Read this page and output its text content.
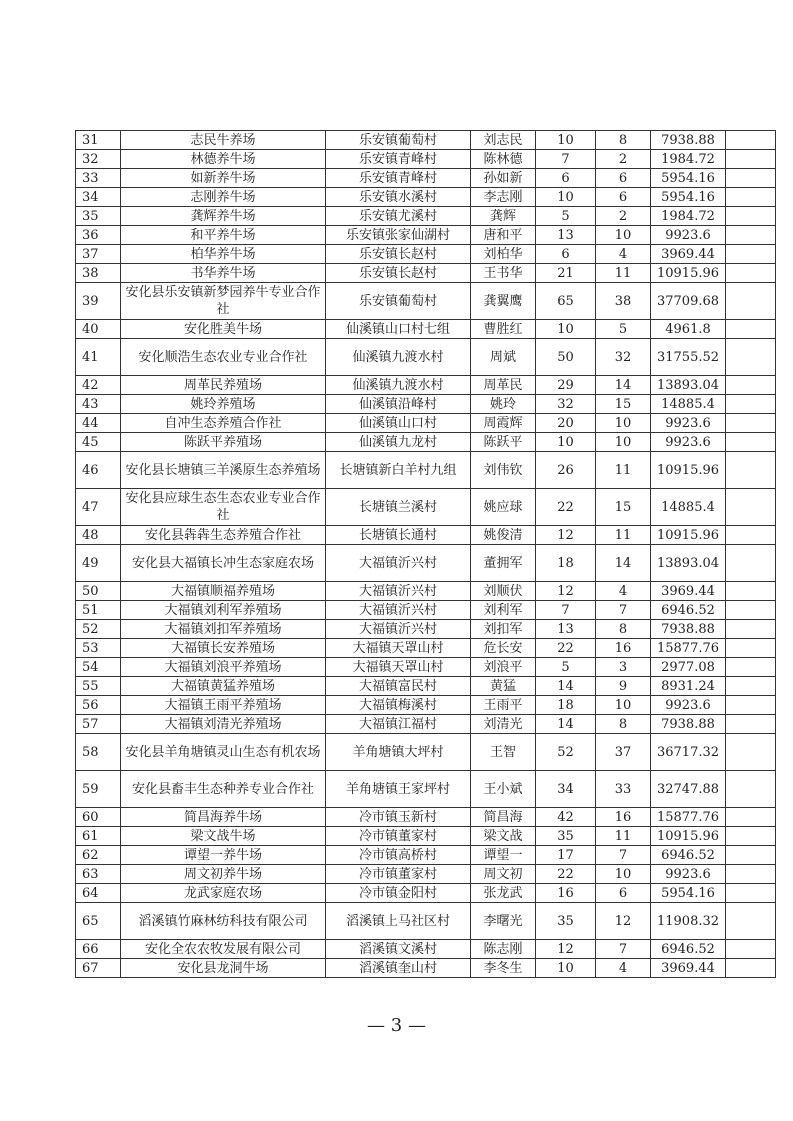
31	志民牛养场	乐安镇葡萄村	刘志民	10	8	7938.88	
32	林德养牛场	乐安镇青峰村	陈林德	7	2	1984.72	
33	如新养牛场	乐安镇青峰村	孙如新	6	6	5954.16	
34	志刚养牛场	乐安镇水溪村	李志刚	10	6	5954.16	
35	龚辉养牛场	乐安镇尤溪村	龚辉	5	2	1984.72	
36	和平养牛场	乐安镇张家仙湖村	唐和平	13	10	9923.6	
37	柏华养牛场	乐安镇长赵村	刘柏华	6	4	3969.44	
38	书华养牛场	乐安镇长赵村	王书华	21	11	10915.96	
39	安化县乐安镇新梦园养牛专业合作社	乐安镇葡萄村	龚翼鹰	65	38	37709.68	
40	安化胜美牛场	仙溪镇山口村七组	曹胜红	10	5	4961.8	
41	安化顺浩生态农业专业合作社	仙溪镇九渡水村	周斌	50	32	31755.52	
42	周革民养殖场	仙溪镇九渡水村	周革民	29	14	13893.04	
43	姚玲养殖场	仙溪镇沿峰村	姚玲	32	15	14885.4	
44	自冲生态养殖合作社	仙溪镇山口村	周霞辉	20	10	9923.6	
45	陈跃平养殖场	仙溪镇九龙村	陈跃平	10	10	9923.6	
46	安化县长塘镇三羊溪原生态养殖场	长塘镇新白羊村九组	刘伟钦	26	11	10915.96	
47	安化县应球生态生态农业专业合作社	长塘镇兰溪村	姚应球	22	15	14885.4	
48	安化县犇犇生态养殖合作社	长塘镇长通村	姚俊清	12	11	10915.96	
49	安化县大福镇长冲生态家庭农场	大福镇沂兴村	董拥军	18	14	13893.04	
50	大福镇顺福养殖场	大福镇沂兴村	刘顺伏	12	4	3969.44	
51	大福镇刘利军养殖场	大福镇沂兴村	刘利军	7	7	6946.52	
52	大福镇刘扣军养殖场	大福镇沂兴村	刘扣军	13	8	7938.88	
53	大福镇长安养殖场	大福镇天罩山村	危长安	22	16	15877.76	
54	大福镇刘浪平养殖场	大福镇天罩山村	刘浪平	5	3	2977.08	
55	大福镇黄猛养殖场	大福镇富民村	黄猛	14	9	8931.24	
56	大福镇王雨平养殖场	大福镇梅溪村	王雨平	18	10	9923.6	
57	大福镇刘清光养殖场	大福镇江福村	刘清光	14	8	7938.88	
58	安化县羊角塘镇灵山生态有机农场	羊角塘镇大坪村	王智	52	37	36717.32	
59	安化县畜丰生态种养专业合作社	羊角塘镇王家坪村	王小斌	34	33	32747.88	
60	简昌海养牛场	冷市镇玉新村	简昌海	42	16	15877.76	
61	梁文战牛场	冷市镇董家村	梁文战	35	11	10915.96	
62	谭望一养牛场	冷市镇高桥村	谭望一	17	7	6946.52	
63	周文初养牛场	冷市镇董家村	周文初	22	10	9923.6	
64	龙武家庭农场	冷市镇金阳村	张龙武	16	6	5954.16	
65	滔溪镇竹麻林纺科技有限公司	滔溪镇上马社区村	李曙光	35	12	11908.32	
66	安化全农农牧发展有限公司	滔溪镇文溪村	陈志刚	12	7	6946.52	
67	安化县龙洞牛场	滔溪镇奎山村	李冬生	10	4	3969.44	
— 3 —
